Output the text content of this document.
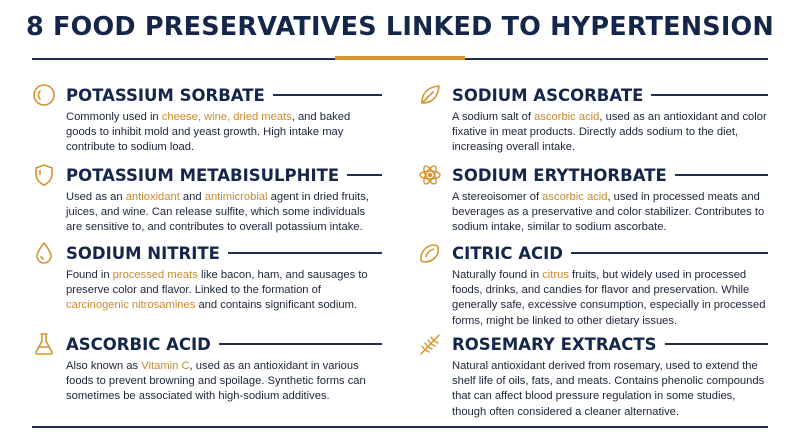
8 FOOD PRESERVATIVES LINKED TO HYPERTENSION
POTASSIUM SORBATE
Commonly used in cheese, wine, dried meats, and baked goods to inhibit mold and yeast growth. High intake may contribute to sodium load.
POTASSIUM METABISULPHITE
Used as an antioxidant and antimicrobial agent in dried fruits, juices, and wine. Can release sulfite, which some individuals are sensitive to, and contributes to overall potassium intake.
SODIUM NITRITE
Found in processed meats like bacon, ham, and sausages to preserve color and flavor. Linked to the formation of carcinogenic nitrosamines and contains significant sodium.
ASCORBIC ACID
Also known as Vitamin C, used as an antioxidant in various foods to prevent browning and spoilage. Synthetic forms can sometimes be associated with high-sodium additives.
SODIUM ASCORBATE
A sodium salt of ascorbic acid, used as an antioxidant and color fixative in meat products. Directly adds sodium to the diet, increasing overall intake.
SODIUM ERYTHORBATE
A stereoisomer of ascorbic acid, used in processed meats and beverages as a preservative and color stabilizer. Contributes to sodium intake, similar to sodium ascorbate.
CITRIC ACID
Naturally found in citrus fruits, but widely used in processed foods, drinks, and candies for flavor and preservation. While generally safe, excessive consumption, especially in processed forms, might be linked to other dietary issues.
ROSEMARY EXTRACTS
Natural antioxidant derived from rosemary, used to extend the shelf life of oils, fats, and meats. Contains phenolic compounds that can affect blood pressure regulation in some studies, though often considered a cleaner alternative.
